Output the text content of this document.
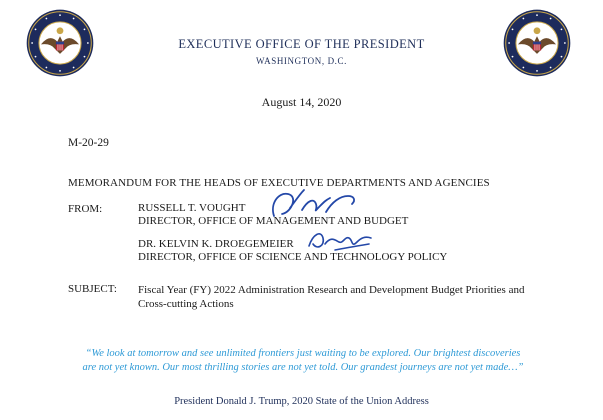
EXECUTIVE OFFICE OF THE PRESIDENT
WASHINGTON, D.C.
August 14, 2020
M-20-29
MEMORANDUM FOR THE HEADS OF EXECUTIVE DEPARTMENTS AND AGENCIES
FROM:	RUSSELL T. VOUGHT
DIRECTOR, OFFICE OF MANAGEMENT AND BUDGET
DR. KELVIN K. DROEGEMEIER
DIRECTOR, OFFICE OF SCIENCE AND TECHNOLOGY POLICY
SUBJECT: Fiscal Year (FY) 2022 Administration Research and Development Budget Priorities and Cross-cutting Actions
“We look at tomorrow and see unlimited frontiers just waiting to be explored. Our brightest discoveries are not yet known. Our most thrilling stories are not yet told. Our grandest journeys are not yet made…”
President Donald J. Trump, 2020 State of the Union Address
